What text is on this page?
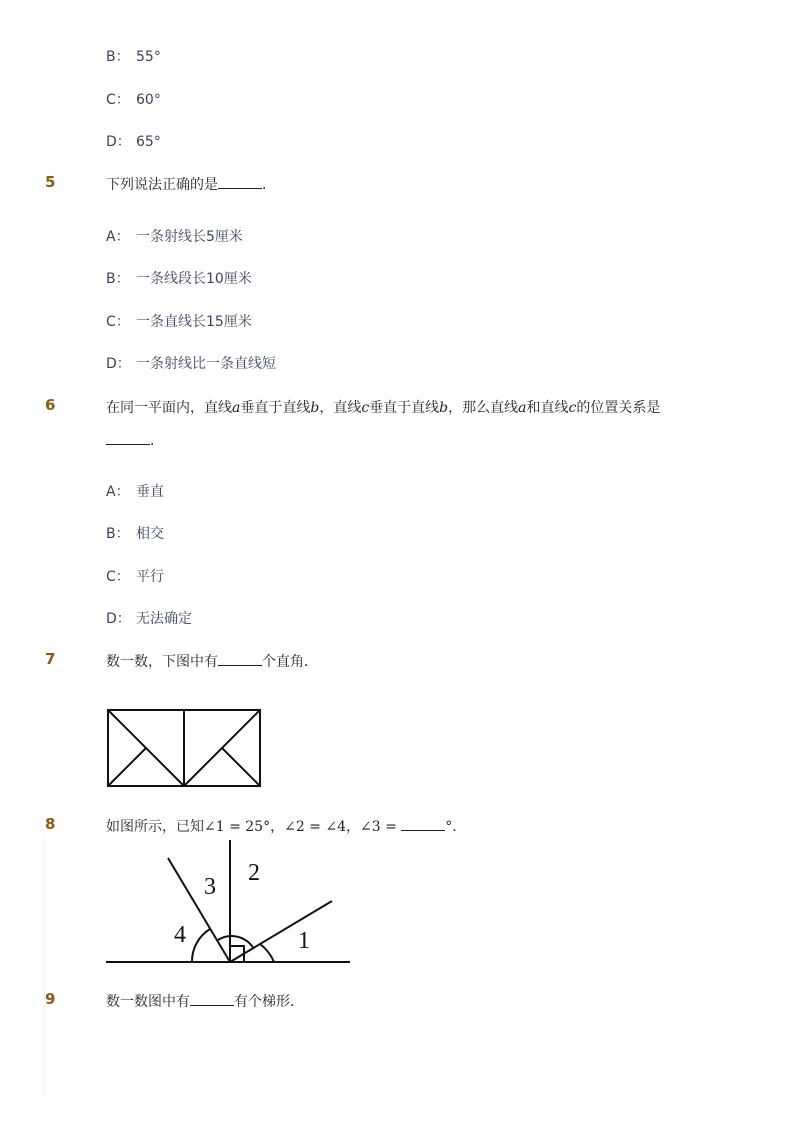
B： 55°
C： 60°
D： 65°
5	下列说法正确的是	．
A： 一条射线长5厘米
B： 一条线段长10厘米
C： 一条直线长15厘米
D： 一条射线比一条直线短
6	在同一平面内，直线a垂直于直线b，直线c垂直于直线b，那么直线a和直线c的位置关系是
．
A： 垂直
B： 相交
C： 平行
D： 无法确定
7	数一数，下图中有	个直角．
8	如图所示，已知∠1 = 25°，∠2 = ∠4，∠3 =	°．
3
2
4	1
9	数一数图中有	有个梯形．
